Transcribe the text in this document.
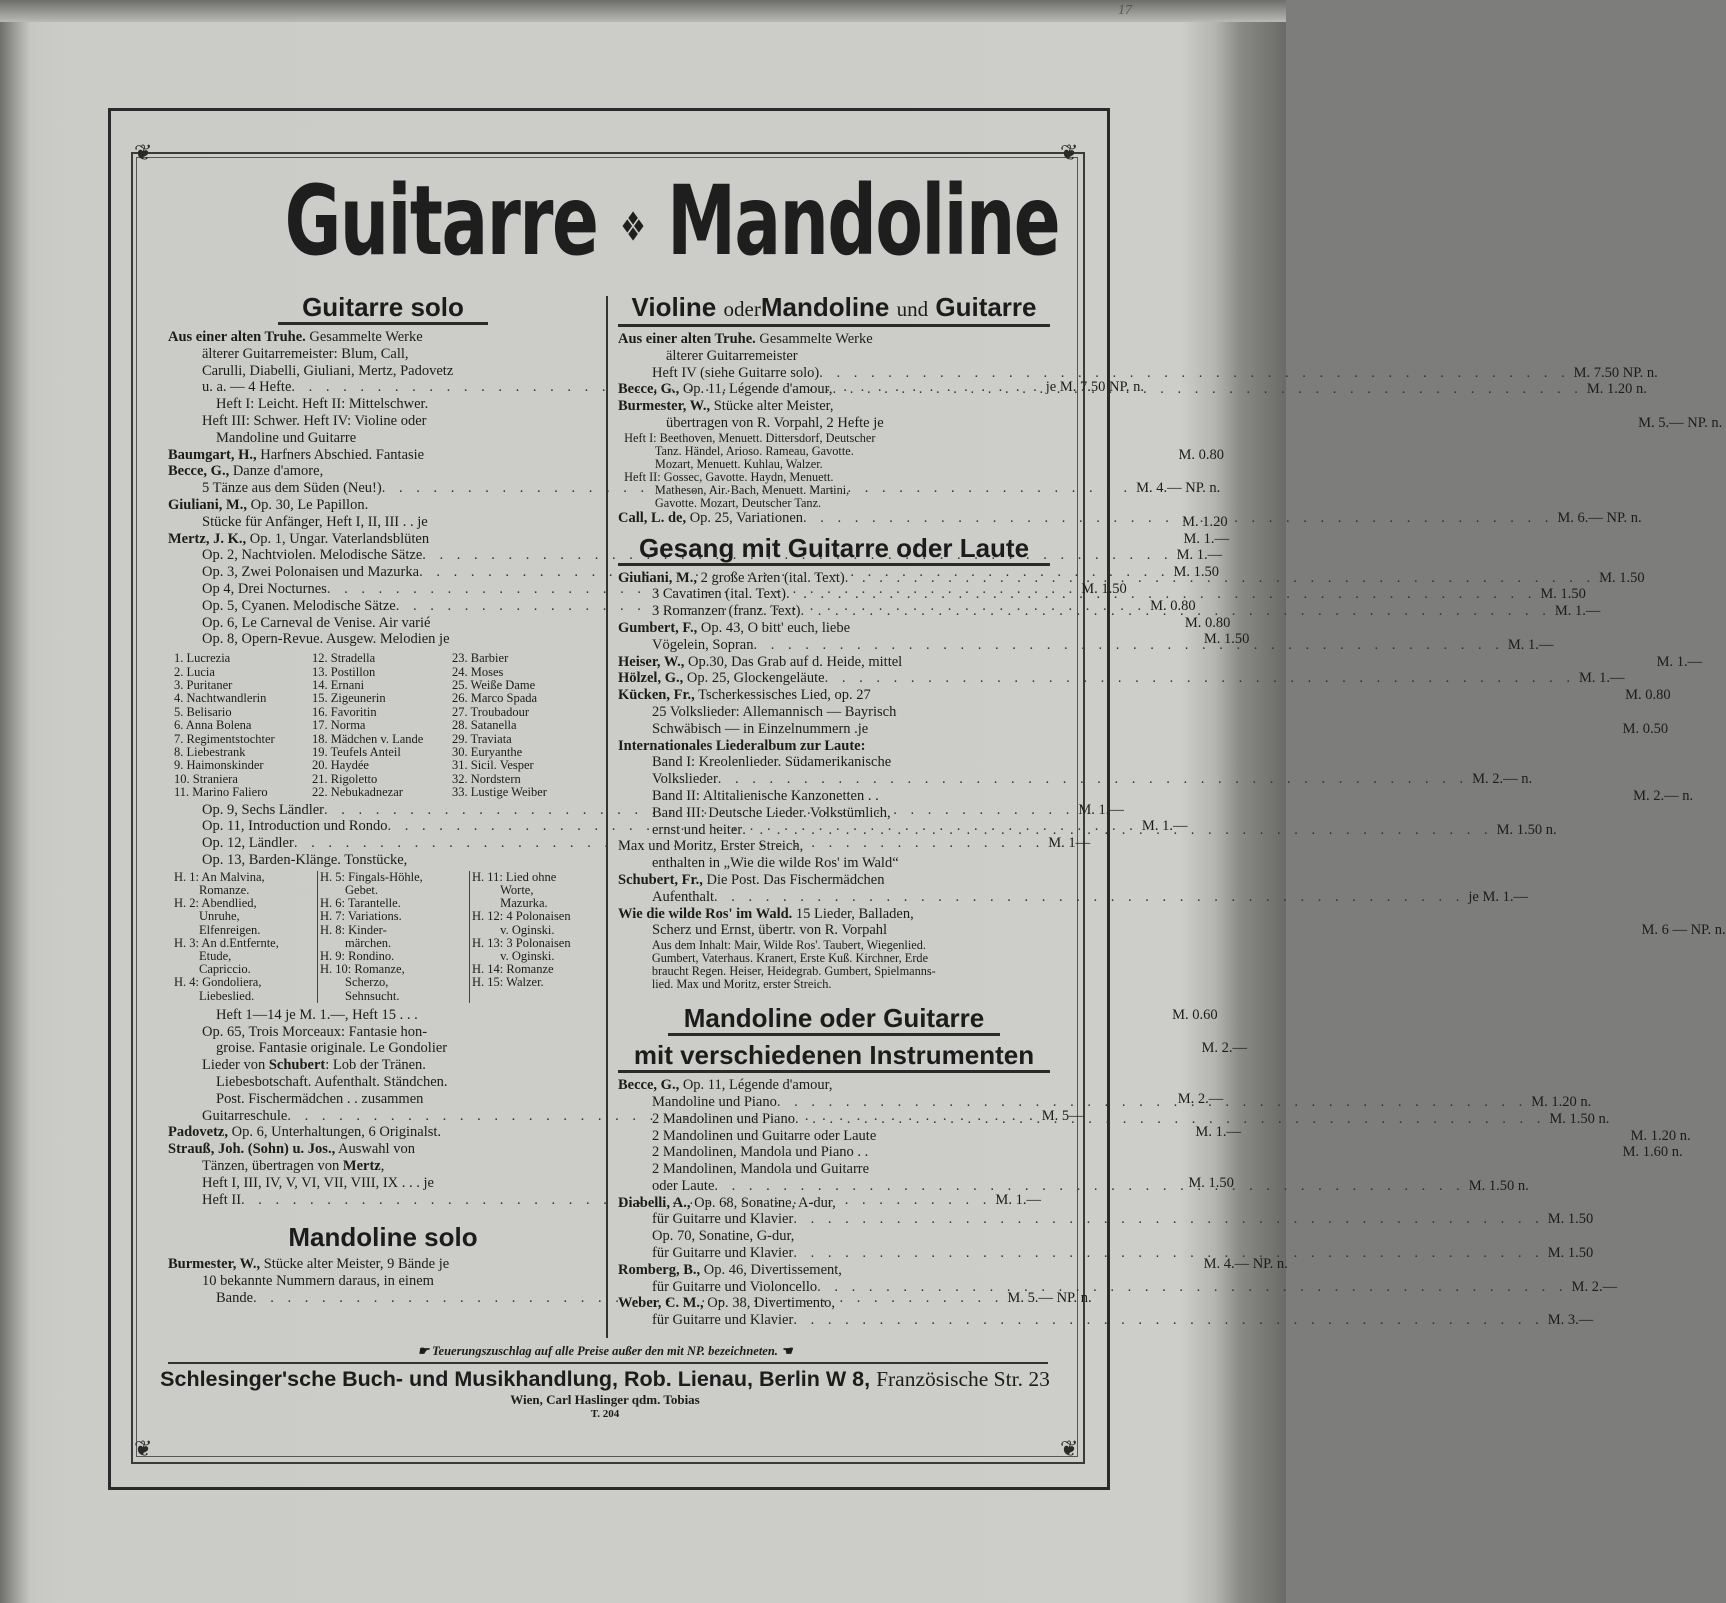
17
❦	❦
❦	❦
Guitarre ❖ Mandoline
Guitarre solo
Aus einer alten Truhe. Gesammelte Werke
älterer Guitarremeister: Blum, Call,
Carulli, Diabelli, Giuliani, Mertz, Padovetz
u. a. — 4 Hefte . . .	je M. 7.50 NP. n.
Heft I: Leicht. Heft II: Mittelschwer.
Heft III: Schwer. Heft IV: Violine oder
Mandoline und Guitarre
Baumgart, H., Harfners Abschied. Fantasie	M. 0.80
Becce, G., Danze d'amore,
5 Tänze aus dem Süden (Neu!) . . .	M. 4.— NP. n.
Giuliani, M., Op. 30, Le Papillon.
Stücke für Anfänger, Heft I, II, III . . je	M. 1.20
Mertz, J. K., Op. 1, Ungar. Vaterlandsblüten	M. 1.—
Op. 2, Nachtviolen. Melodische Sätze . . .	M. 1.—
Op. 3, Zwei Polonaisen und Mazurka . . .	M. 1.50
Op 4, Drei Nocturnes . . .	M. 1.50
Op. 5, Cyanen. Melodische Sätze . . .	M. 0.80
Op. 6, Le Carneval de Venise. Air varié	M. 0.80
Op. 8, Opern-Revue. Ausgew. Melodien je	M. 1.50
1. Lucrezia	12. Stradella	23. Barbier
2. Lucia	13. Postillon	24. Moses
3. Puritaner	14. Ernani	25. Weiße Dame
4. Nachtwandlerin	15. Zigeunerin	26. Marco Spada
5. Belisario	16. Favoritin	27. Troubadour
6. Anna Bolena	17. Norma	28. Satanella
7. Regimentstochter	18. Mädchen v. Lande	29. Traviata
8. Liebestrank	19. Teufels Anteil	30. Euryanthe
9. Haimonskinder	20. Haydée	31. Sicil. Vesper
10. Straniera	21. Rigoletto	32. Nordstern
11. Marino Faliero	22. Nebukadnezar	33. Lustige Weiber
Op. 9, Sechs Ländler . . .	M. 1.—
Op. 11, Introduction und Rondo . . .	M. 1.—
Op. 12, Ländler . . .	M. 1—
Op. 13, Barden-Klänge. Tonstücke,
H. 1: An Malvina,
Romanze.
H. 2: Abendlied,
Unruhe,
Elfenreigen.
H. 3: An d.Entfernte,
Etude,
Capriccio.
H. 4: Gondoliera,
Liebeslied.
H. 5: Fingals-Höhle,
Gebet.
H. 6: Tarantelle.
H. 7: Variations.
H. 8: Kinder-
märchen.
H. 9: Rondino.
H. 10: Romanze,
Scherzo,
Sehnsucht.
H. 11: Lied ohne
Worte,
Mazurka.
H. 12: 4 Polonaisen
v. Oginski.
H. 13: 3 Polonaisen
v. Oginski.
H. 14: Romanze
H. 15: Walzer.
Heft 1—14 je M. 1.—, Heft 15 . . .	M. 0.60
Op. 65, Trois Morceaux: Fantasie hon-
groise. Fantasie originale. Le Gondolier	M. 2.—
Lieder von Schubert: Lob der Tränen.
Liebesbotschaft. Aufenthalt. Ständchen.
Post. Fischermädchen . . zusammen	M. 2.—
Guitarreschule . . .	M. 5—
Padovetz, Op. 6, Unterhaltungen, 6 Originalst.	M. 1.—
Strauß, Joh. (Sohn) u. Jos., Auswahl von
Tänzen, übertragen von Mertz,
Heft I, III, IV, V, VI, VII, VIII, IX . . . je	M. 1.50
Heft II . . .	M. 1.—
Mandoline solo
Burmester, W., Stücke alter Meister, 9 Bände je	M. 4.— NP. n.
10 bekannte Nummern daraus, in einem
Bande . . .	M. 5.— NP. n.
Violine oderMandoline und Guitarre
Aus einer alten Truhe. Gesammelte Werke
älterer Guitarremeister
Heft IV (siehe Guitarre solo) . . .	M. 7.50 NP. n.
Becce, G., Op. 11, Légende d'amour, . . .	M. 1.20 n.
Burmester, W., Stücke alter Meister,
übertragen von R. Vorpahl, 2 Hefte je	M. 5.— NP. n.
Heft I: Beethoven, Menuett. Dittersdorf, Deutscher
Tanz. Händel, Arioso. Rameau, Gavotte.
Mozart, Menuett. Kuhlau, Walzer.
Heft II: Gossec, Gavotte. Haydn, Menuett.
Matheson, Air. Bach, Menuett. Martini,
Gavotte. Mozart, Deutscher Tanz.
Call, L. de, Op. 25, Variationen . . .	M. 6.— NP. n.
Gesang mit Guitarre oder Laute
Giuliani, M., 2 große Arien (ital. Text) . . .	M. 1.50
3 Cavatinen (ital. Text) . . .	M. 1.50
3 Romanzen (franz. Text) . . .	M. 1.—
Gumbert, F., Op. 43, O bitt' euch, liebe
Vögelein, Sopran . . .	M. 1.—
Heiser, W., Op.30, Das Grab auf d. Heide, mittel	M. 1.—
Hölzel, G., Op. 25, Glockengeläute . . .	M. 1.—
Kücken, Fr., Tscherkessisches Lied, op. 27	M. 0.80
25 Volkslieder: Allemannisch — Bayrisch
Schwäbisch — in Einzelnummern .je	M. 0.50
Internationales Liederalbum zur Laute:
Band I: Kreolenlieder. Südamerikanische
Volkslieder . . .	M. 2.— n.
Band II: Altitalienische Kanzonetten . .	M. 2.— n.
Band III: Deutsche Lieder. Volkstümlich,
ernst und heiter . . .	M. 1.50 n.
Max und Moritz, Erster Streich,
enthalten in „Wie die wilde Ros' im Wald“
Schubert, Fr., Die Post. Das Fischermädchen
Aufenthalt . . .	je M. 1.—
Wie die wilde Ros' im Wald. 15 Lieder, Balladen,
Scherz und Ernst, übertr. von R. Vorpahl	M. 6 — NP. n.
Aus dem Inhalt: Mair, Wilde Ros'. Taubert, Wiegenlied.
Gumbert, Vaterhaus. Kranert, Erste Kuß. Kirchner, Erde
braucht Regen. Heiser, Heidegrab. Gumbert, Spielmanns-
lied. Max und Moritz, erster Streich.
Mandoline oder Guitarre
mit verschiedenen Instrumenten
Becce, G., Op. 11, Légende d'amour,
Mandoline und Piano . . .	M. 1.20 n.
2 Mandolinen und Piano . . .	M. 1.50 n.
2 Mandolinen und Guitarre oder Laute	M. 1.20 n.
2 Mandolinen, Mandola und Piano . .	M. 1.60 n.
2 Mandolinen, Mandola und Guitarre
oder Laute . . .	M. 1.50 n.
Diabelli, A., Op. 68, Sonatine, A-dur,
für Guitarre und Klavier . . .	M. 1.50
Op. 70, Sonatine, G-dur,
für Guitarre und Klavier . . .	M. 1.50
Romberg, B., Op. 46, Divertissement,
für Guitarre und Violoncello . . .	M. 2.—
Weber, C. M., Op. 38, Divertimento,
für Guitarre und Klavier . . .	M. 3.—
☛ Teuerungszuschlag auf alle Preise außer den mit NP. bezeichneten. ☚
Schlesinger'sche Buch- und Musikhandlung, Rob. Lienau, Berlin W 8, Französische Str. 23
Wien, Carl Haslinger qdm. Tobias
T. 204
